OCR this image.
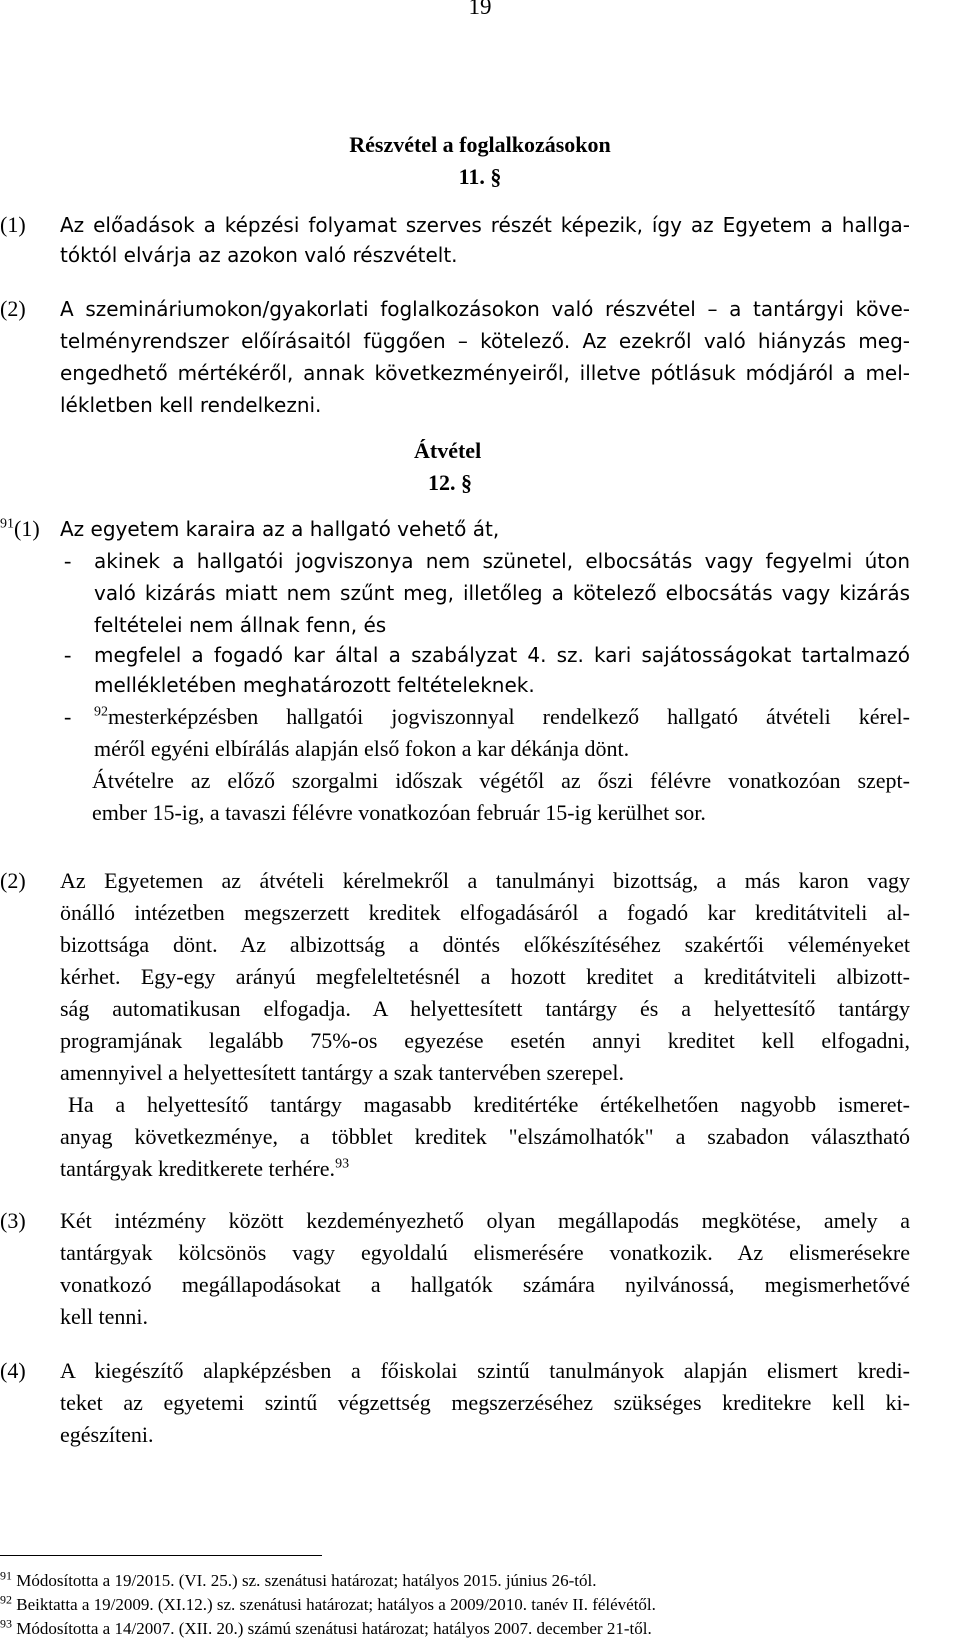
19
Részvétel a foglalkozásokon
11. §
(1) Az előadások a képzési folyamat szerves részét képezik, így az Egyetem a hallga-
tóktól elvárja az azokon való részvételt.
(2) A szemináriumokon/gyakorlati foglalkozásokon való részvétel – a tantárgyi köve-
telményrendszer előírásaitól függően – kötelező. Az ezekről való hiányzás meg-
engedhető mértékéről, annak következményeiről, illetve pótlásuk módjáról a mel-
lékletben kell rendelkezni.
Átvétel
12. §
$^{91}$(1) Az egyetem karaira az a hallgató vehető át,
- akinek a hallgatói jogviszonya nem szünetel, elbocsátás vagy fegyelmi úton
való kizárás miatt nem szűnt meg, illetőleg a kötelező elbocsátás vagy kizárás
feltételei nem állnak fenn, és
- megfelel a fogadó kar által a szabályzat 4. sz. kari sajátosságokat tartalmazó
mellékletében meghatározott feltételeknek.
- $^{92}$mesterképzésben hallgatói jogviszonnyal rendelkező hallgató átvételi kérel-
méről egyéni elbírálás alapján első fokon a kar dékánja dönt.
Átvételre az előző szorgalmi időszak végétől az őszi félévre vonatkozóan szept-
ember 15-ig, a tavaszi félévre vonatkozóan február 15-ig kerülhet sor.
(2) Az Egyetemen az átvételi kérelmekről a tanulmányi bizottság, a más karon vagy
önálló intézetben megszerzett kreditek elfogadásáról a fogadó kar kreditátviteli al-
bizottsága dönt. Az albizottság a döntés előkészítéséhez szakértői véleményeket
kérhet. Egy-egy arányú megfeleltetésnél a hozott kreditet a kreditátviteli albizott-
ság automatikusan elfogadja. A helyettesített tantárgy és a helyettesítő tantárgy
programjának legalább 75%-os egyezése esetén annyi kreditet kell elfogadni,
amennyivel a helyettesített tantárgy a szak tantervében szerepel.
Ha a helyettesítő tantárgy magasabb kreditértéke értékelhetően nagyobb ismeret-
anyag következménye, a többlet kreditek "elszámolhatók" a szabadon választható
tantárgyak kreditkerete terhére.$^{93}$
(3) Két intézmény között kezdeményezhető olyan megállapodás megkötése, amely a
tantárgyak kölcsönös vagy egyoldalú elismerésére vonatkozik. Az elismerésekre
vonatkozó megállapodásokat a hallgatók számára nyilvánossá, megismerhetővé
kell tenni.
(4) A kiegészítő alapképzésben a főiskolai szintű tanulmányok alapján elismert kredi-
teket az egyetemi szintű végzettség megszerzéséhez szükséges kreditekre kell ki-
egészíteni.
$^{91}$ Módosította a 19/2015. (VI. 25.) sz. szenátusi határozat; hatályos 2015. június 26-tól.
$^{92}$ Beiktatta a 19/2009. (XI.12.) sz. szenátusi határozat; hatályos a 2009/2010. tanév II. félévétől.
$^{93}$ Módosította a 14/2007. (XII. 20.) számú szenátusi határozat; hatályos 2007. december 21-től.
